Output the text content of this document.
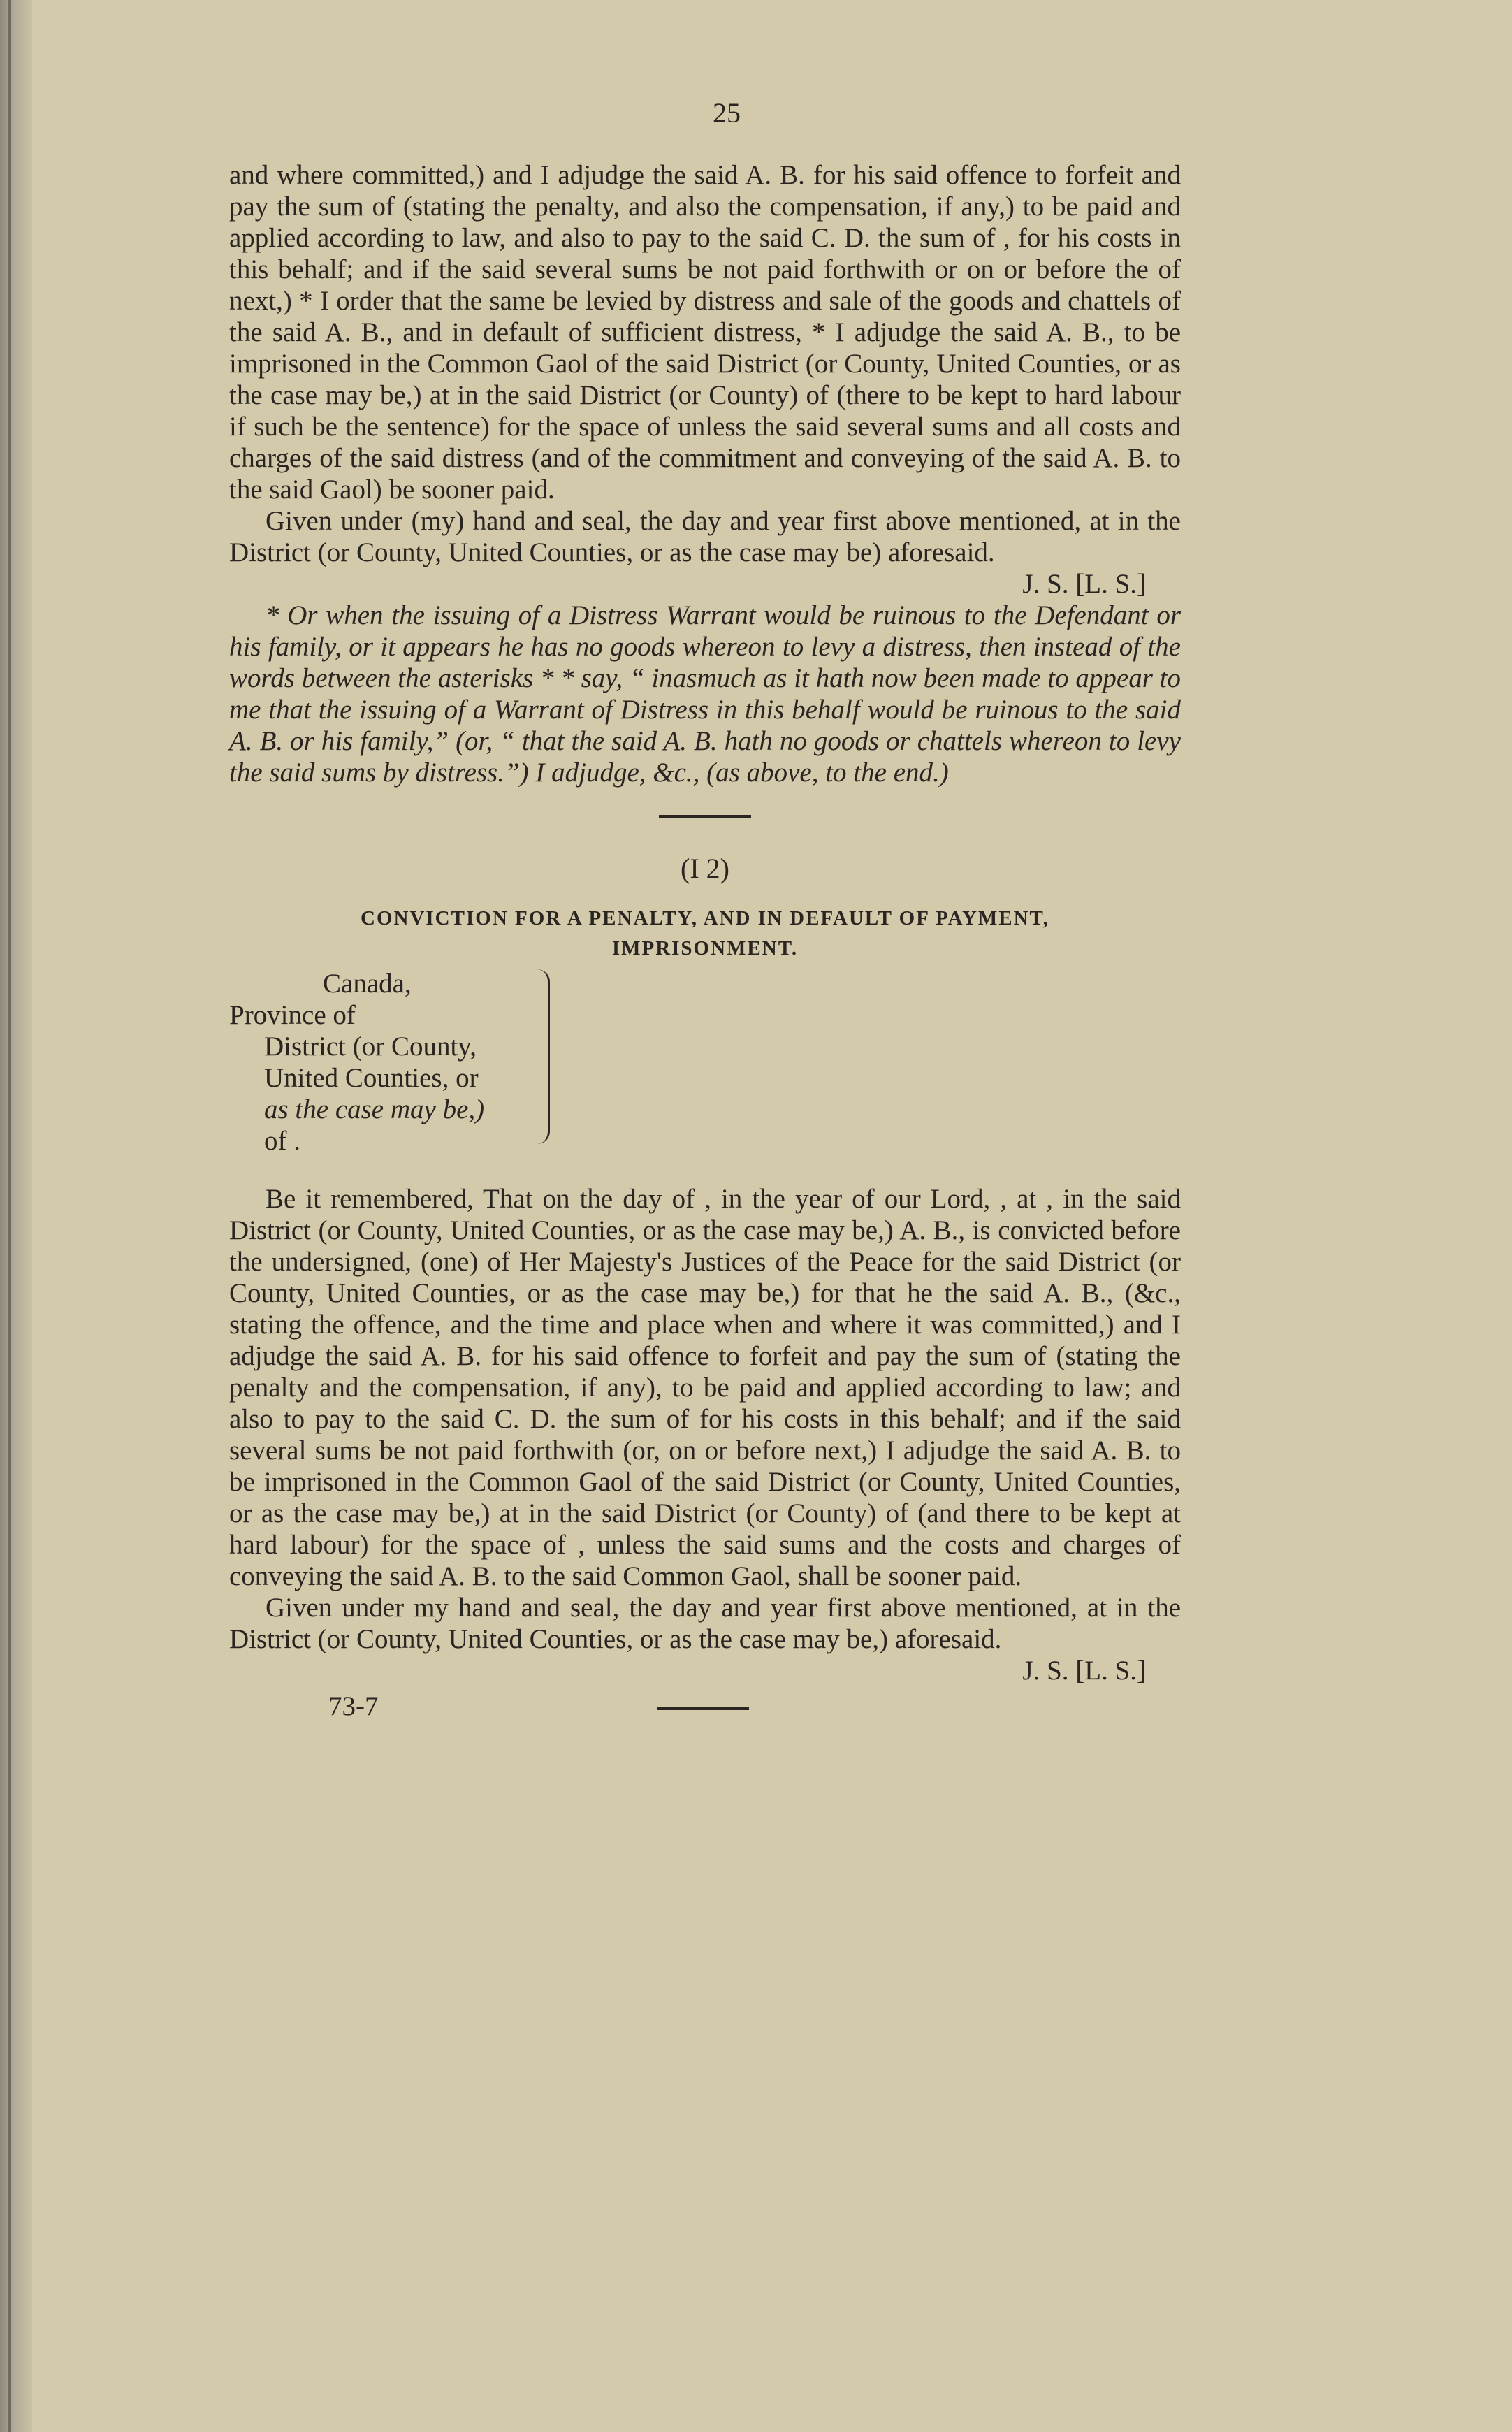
25

and where committed,) and I adjudge the said A. B. for his said offence to forfeit and pay the sum of (stating the penalty, and also the compensation, if any,) to be paid and applied according to law, and also to pay to the said C. D. the sum of , for his costs in this behalf; and if the said several sums be not paid forthwith or on or before the of next,) * I order that the same be levied by distress and sale of the goods and chattels of the said A. B., and in default of sufficient distress, * I adjudge the said A. B., to be imprisoned in the Common Gaol of the said District (or County, United Counties, or as the case may be,) at in the said District (or County) of (there to be kept to hard labour if such be the sentence) for the space of unless the said several sums and all costs and charges of the said distress (and of the commitment and conveying of the said A. B. to the said Gaol) be sooner paid.

Given under (my) hand and seal, the day and year first above mentioned, at in the District (or County, United Counties, or as the case may be) aforesaid.

J. S. [L. S.]

* Or when the issuing of a Distress Warrant would be ruinous to the Defendant or his family, or it appears he has no goods whereon to levy a distress, then instead of the words between the asterisks * * say, “ inasmuch as it hath now been made to appear to me that the issuing of a Warrant of Distress in this behalf would be ruinous to the said A. B. or his family,” (or, “ that the said A. B. hath no goods or chattels whereon to levy the said sums by distress.”) I adjudge, &c., (as above, to the end.)

(I 2)
CONVICTION FOR A PENALTY, AND IN DEFAULT OF PAYMENT,
IMPRISONMENT.
Canada,
Province of
District (or County,
United Counties, or
as the case may be,)
of .

Be it remembered, That on the day of , in the year of our Lord, , at , in the said District (or County, United Counties, or as the case may be,) A. B., is convicted before the undersigned, (one) of Her Majesty's Justices of the Peace for the said District (or County, United Counties, or as the case may be,) for that he the said A. B., (&c., stating the offence, and the time and place when and where it was committed,) and I adjudge the said A. B. for his said offence to forfeit and pay the sum of (stating the penalty and the compensation, if any), to be paid and applied according to law; and also to pay to the said C. D. the sum of for his costs in this behalf; and if the said several sums be not paid forthwith (or, on or before next,) I adjudge the said A. B. to be imprisoned in the Common Gaol of the said District (or County, United Counties, or as the case may be,) at in the said District (or County) of (and there to be kept at hard labour) for the space of , unless the said sums and the costs and charges of conveying the said A. B. to the said Common Gaol, shall be sooner paid.

Given under my hand and seal, the day and year first above mentioned, at in the District (or County, United Counties, or as the case may be,) aforesaid.

J. S. [L. S.]

73-7
